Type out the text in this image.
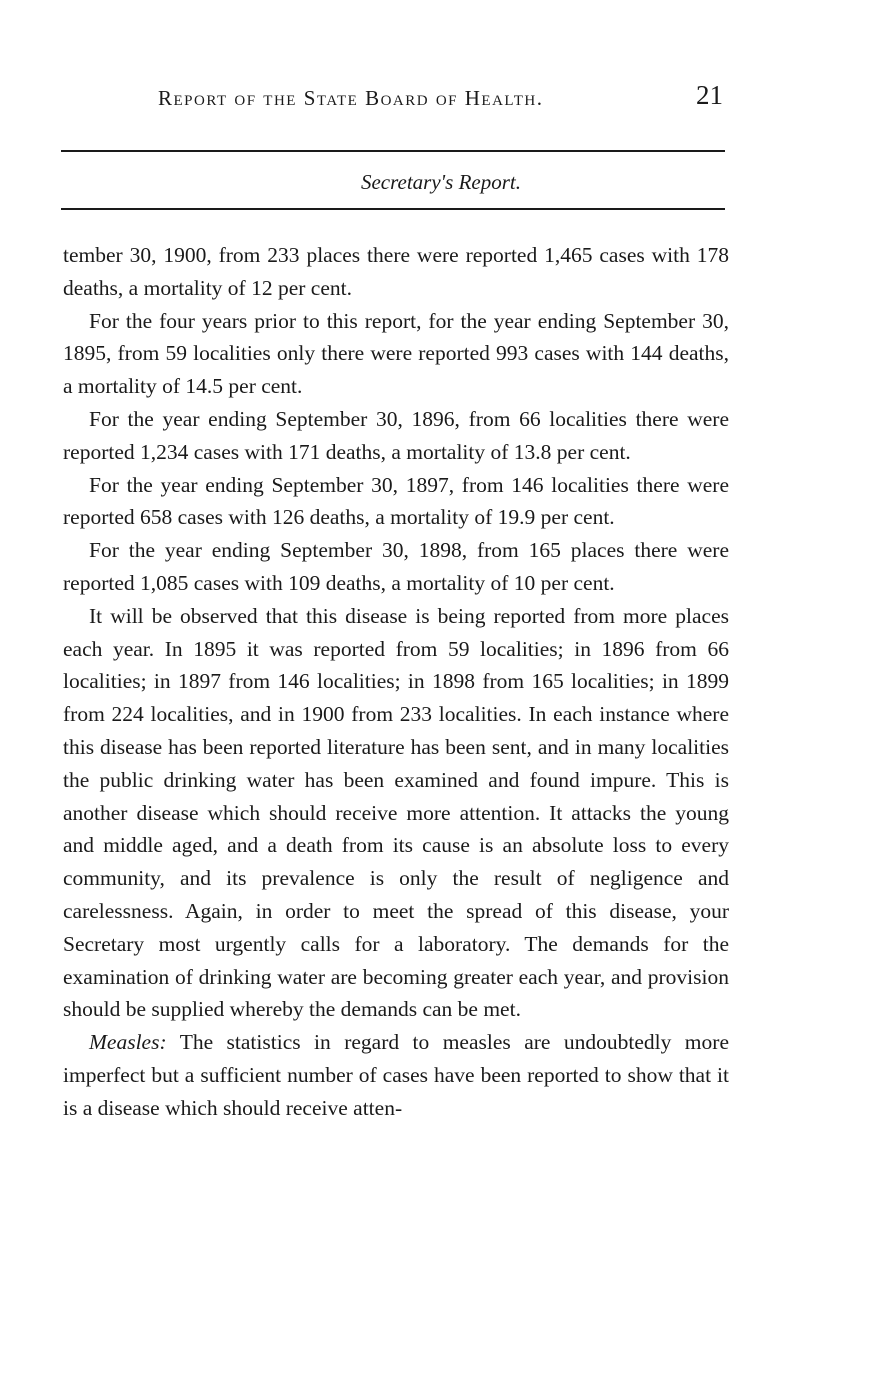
Report of the State Board of Health.	21
Secretary's Report.

tember 30, 1900, from 233 places there were reported 1,465 cases with 178 deaths, a mortality of 12 per cent.

For the four years prior to this report, for the year ending September 30, 1895, from 59 localities only there were reported 993 cases with 144 deaths, a mortality of 14.5 per cent.

For the year ending September 30, 1896, from 66 localities there were reported 1,234 cases with 171 deaths, a mortality of 13.8 per cent.

For the year ending September 30, 1897, from 146 localities there were reported 658 cases with 126 deaths, a mortality of 19.9 per cent.

For the year ending September 30, 1898, from 165 places there were reported 1,085 cases with 109 deaths, a mortality of 10 per cent.

It will be observed that this disease is being reported from more places each year. In 1895 it was reported from 59 localities; in 1896 from 66 localities; in 1897 from 146 localities; in 1898 from 165 localities; in 1899 from 224 localities, and in 1900 from 233 localities. In each instance where this disease has been reported literature has been sent, and in many localities the public drinking water has been examined and found impure. This is another disease which should receive more attention. It attacks the young and middle aged, and a death from its cause is an absolute loss to every community, and its prevalence is only the result of negligence and carelessness. Again, in order to meet the spread of this disease, your Secretary most urgently calls for a laboratory. The demands for the examination of drinking water are becoming greater each year, and provision should be supplied whereby the demands can be met.

Measles: The statistics in regard to measles are undoubtedly more imperfect but a sufficient number of cases have been reported to show that it is a disease which should receive atten-
